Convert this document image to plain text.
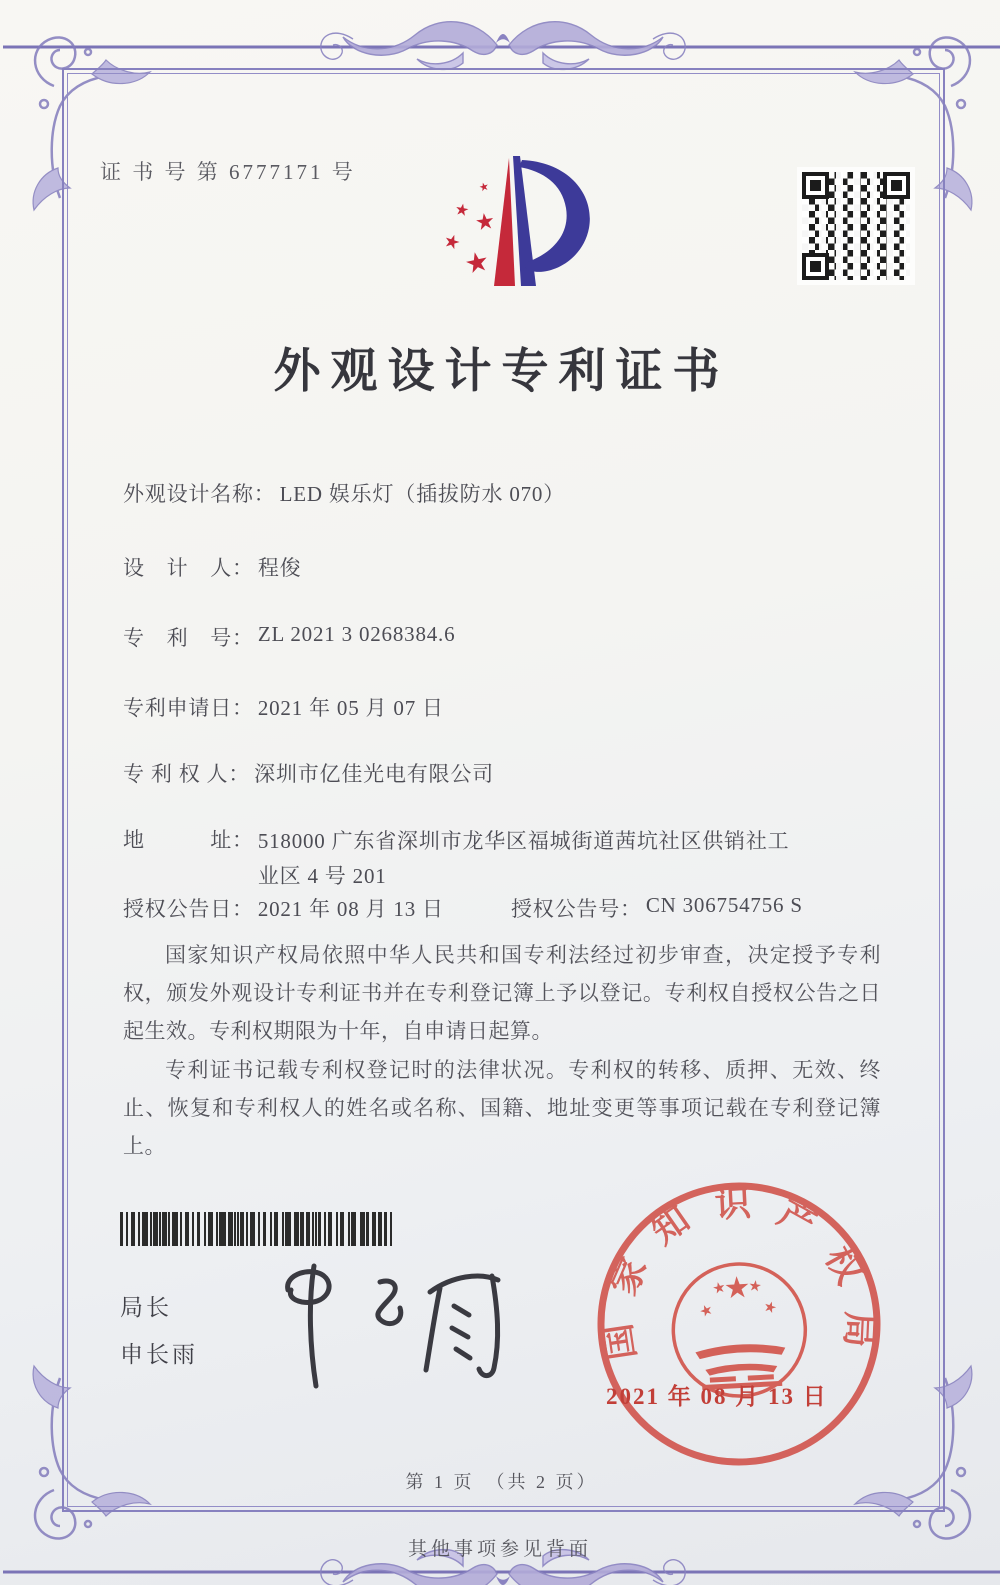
证 书 号 第 6777171 号
外观设计专利证书
外观设计名称： LED 娱乐灯（插拔防水 070）
设　计　人： 程俊
专　利　号： ZL 2021 3 0268384.6
专利申请日： 2021 年 05 月 07 日
专 利 权 人： 深圳市亿佳光电有限公司
地　　　址： 518000 广东省深圳市龙华区福城街道茜坑社区供销社工业区 4 号 201
授权公告日： 2021 年 08 月 13 日	授权公告号： CN 306754756 S

国家知识产权局依照中华人民共和国专利法经过初步审查，决定授予专利权，颁发外观设计专利证书并在专利登记簿上予以登记。专利权自授权公告之日起生效。专利权期限为十年，自申请日起算。

专利证书记载专利权登记时的法律状况。专利权的转移、质押、无效、终止、恢复和专利权人的姓名或名称、国籍、地址变更等事项记载在专利登记簿上。

局长
申长雨	国家知识产权局
2021 年 08 月 13 日
第 1 页　（共 2 页）
其他事项参见背面
